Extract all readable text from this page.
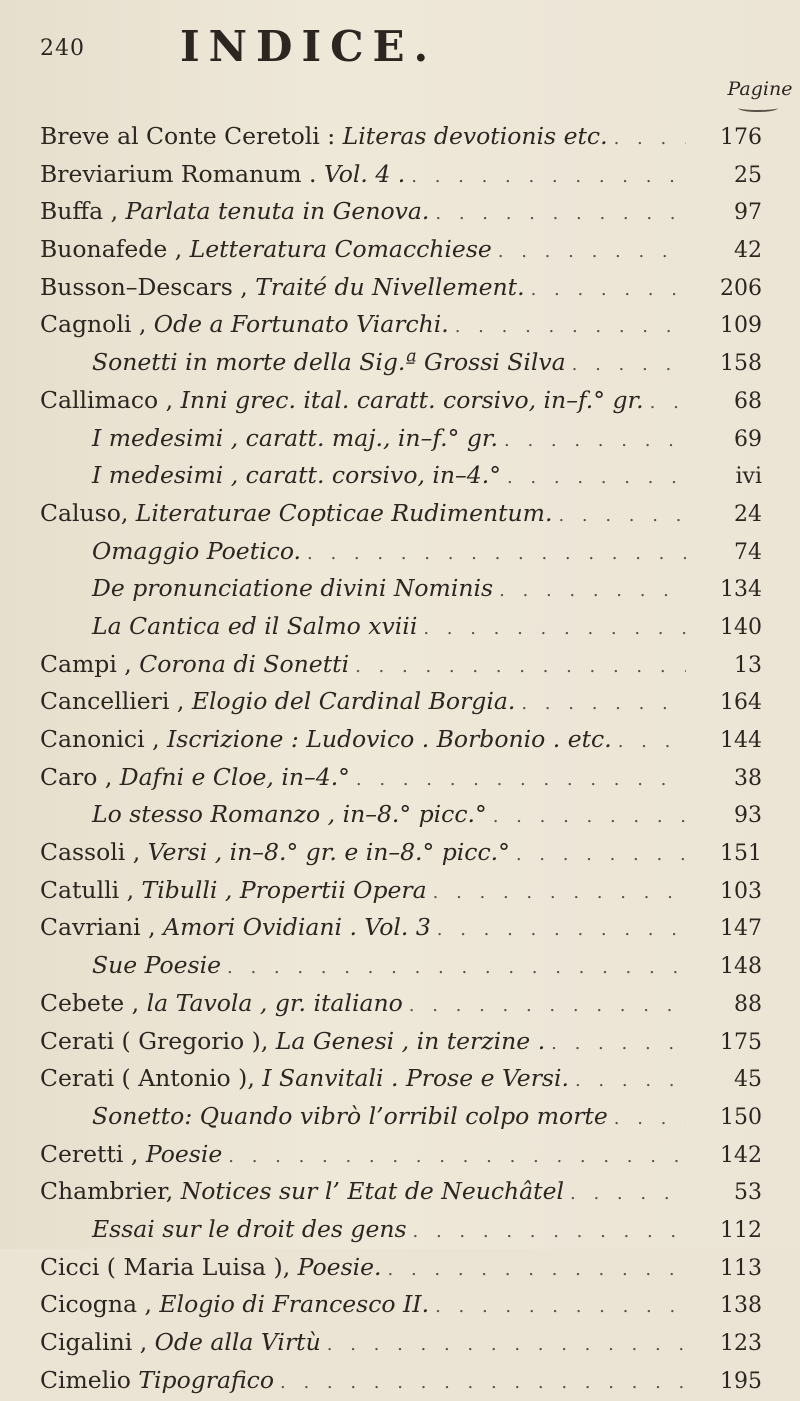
240 INDICE.
Pagine
Breve al Conte Ceretoli : Literas devotionis etc. . . .	176
Breviarium Romanum . Vol. 4 . . . .	25
Buffa , Parlata tenuta in Genova. . . .	97
Buonafede , Letteratura Comacchiese . . .	42
Busson–Descars , Traité du Nivellement. . . .	206
Cagnoli , Ode a Fortunato Viarchi. . . .	109
Sonetti in morte della Sig.ª Grossi Silva . . .	158
Callimaco , Inni grec. ital. caratt. corsivo, in–f.° gr. . . .	68
I medesimi , caratt. maj., in–f.° gr. . . .	69
I medesimi , caratt. corsivo, in–4.° . . .	ivi
Caluso, Literaturae Copticae Rudimentum. . . .	24
Omaggio Poetico. . . .	74
De pronunciatione divini Nominis . . .	134
La Cantica ed il Salmo xviii . . .	140
Campi , Corona di Sonetti . . .	13
Cancellieri , Elogio del Cardinal Borgia. . . .	164
Canonici , Iscrizione : Ludovico . Borbonio . etc. . . .	144
Caro , Dafni e Cloe, in–4.° . . .	38
Lo stesso Romanzo , in–8.° picc.° . . .	93
Cassoli , Versi , in–8.° gr. e in–8.° picc.° . . .	151
Catulli , Tibulli , Propertii Opera . . .	103
Cavriani , Amori Ovidiani . Vol. 3 . . .	147
Sue Poesie . . .	148
Cebete , la Tavola , gr. italiano . . .	88
Cerati ( Gregorio ), La Genesi , in terzine . . . .	175
Cerati ( Antonio ), I Sanvitali . Prose e Versi. . . .	45
Sonetto: Quando vibrò l’orribil colpo morte . . .	150
Ceretti , Poesie . . .	142
Chambrier, Notices sur l’ Etat de Neuchâtel . . .	53
Essai sur le droit des gens . . .	112
Cicci ( Maria Luisa ), Poesie. . . .	113
Cicogna , Elogio di Francesco II. . . .	138
Cigalini , Ode alla Virtù . . .	123
Cimelio Tipografico . . .	195
